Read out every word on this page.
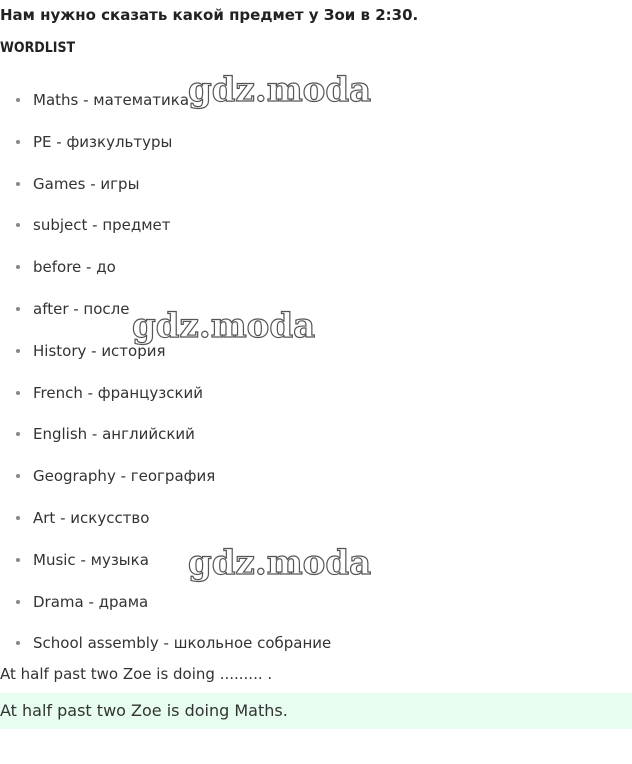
Нам нужно сказать какой предмет у Зои в 2:30.
WORDLIST
Maths - математика
PE - физкультуры
Games - игры
subject - предмет
before - до
after - после
History - история
French - французский
English - английский
Geography - география
Art - искусство
Music - музыка
Drama - драма
School assembly - школьное собрание
At half past two Zoe is doing ......... .
At half past two Zoe is doing Maths.
gdz.moda
gdz.moda
gdz.moda
